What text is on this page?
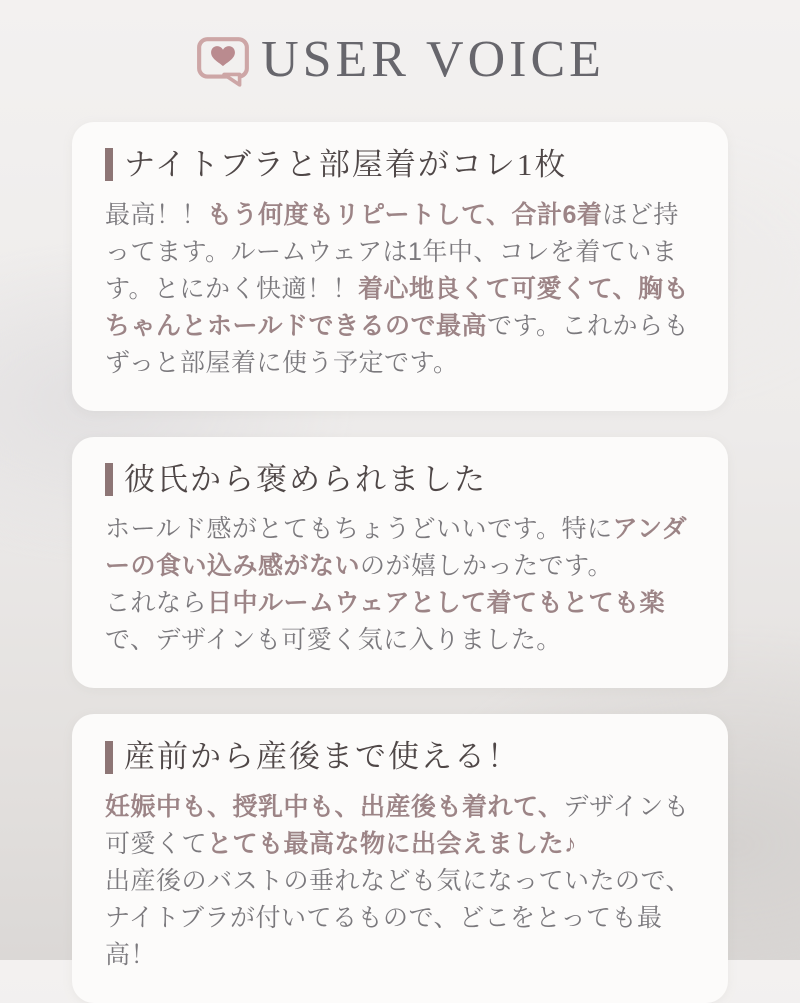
USER VOICE
ナイトブラと部屋着がコレ1枚

最高！！もう何度もリピートして、合計6着ほど持ってます。ルームウェアは1年中、コレを着ています。とにかく快適！！着心地良くて可愛くて、胸もちゃんとホールドできるので最高です。これからもずっと部屋着に使う予定です。

彼氏から褒められました

ホールド感がとてもちょうどいいです。特にアンダーの食い込み感がないのが嬉しかったです。
これなら日中ルームウェアとして着てもとても楽で、デザインも可愛く気に入りました。

産前から産後まで使える！

妊娠中も、授乳中も、出産後も着れて、デザインも可愛くてとても最高な物に出会えました♪
出産後のバストの垂れなども気になっていたので、ナイトブラが付いてるもので、どこをとっても最高！
